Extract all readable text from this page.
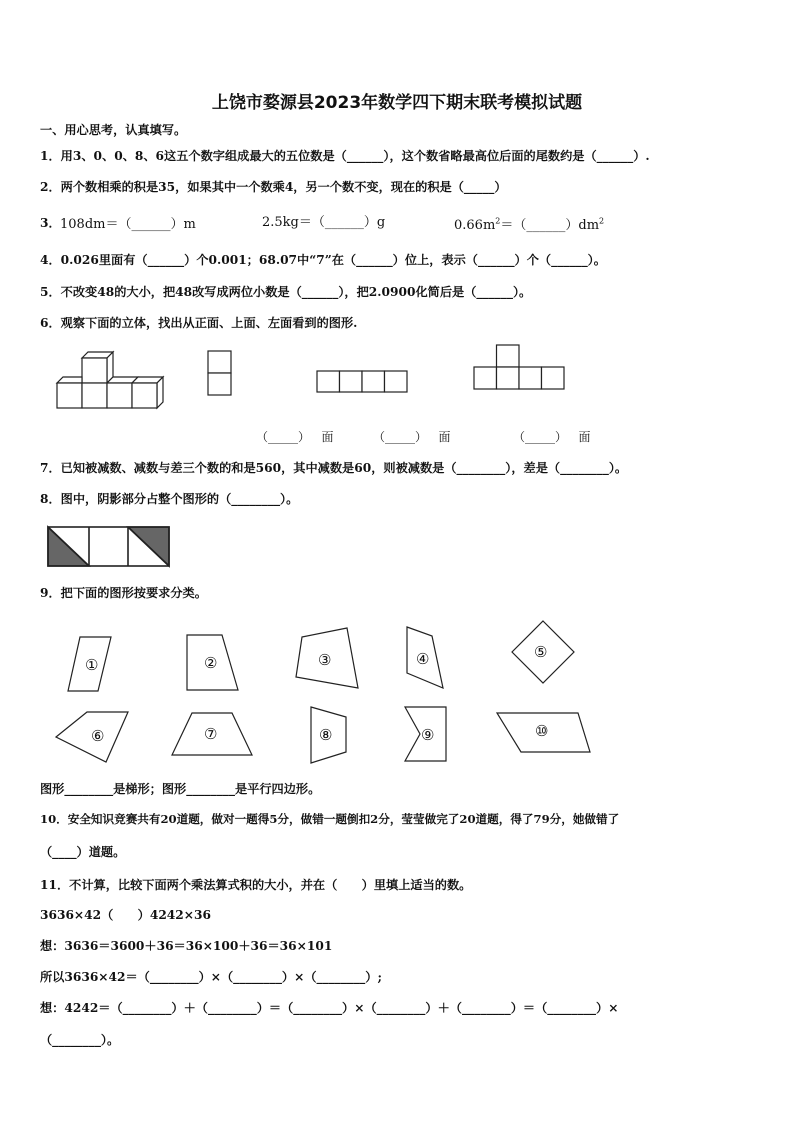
上饶市婺源县2023年数学四下期末联考模拟试题
一、用心思考，认真填写。
1．用3、0、0、8、6这五个数字组成最大的五位数是（______），这个数省略最高位后面的尾数约是（______）.
2．两个数相乘的积是35，如果其中一个数乘4，另一个数不变，现在的积是（_____）
3． 108dm＝（______）m	2.5kg＝（______）g	$0.66m^2=(\_\_\_\_\_\_)dm^2$
4．0.026里面有（______）个0.001；68.07中“7”在（______）位上，表示（______）个（______）。
5．不改变48的大小，把48改写成两位小数是（______），把2.0900化简后是（______）。
6．观察下面的立体，找出从正面、上面、左面看到的图形.
（_____） 面	（_____） 面	（_____） 面
7．已知被减数、减数与差三个数的和是560，其中减数是60，则被减数是（________），差是（________）。
8．图中，阴影部分占整个图形的（________）。
9．把下面的图形按要求分类。
①	②	③	④	⑤
⑥	⑦	⑧	⑨	⑩
图形________是梯形；图形________是平行四边形。
10．安全知识竞赛共有20道题，做对一题得5分，做错一题倒扣2分，莹莹做完了20道题，得了79分，她做错了
（____）道题。
11．不计算，比较下面两个乘法算式积的大小，并在（　　）里填上适当的数。
3636×42（　　）4242×36
想：3636＝3600＋36＝36×100＋36＝36×101
所以3636×42＝（________）×（________）×（________）;
想：4242＝（________）＋（________）＝（________）×（________）＋（________）＝（________）×
（________）。
